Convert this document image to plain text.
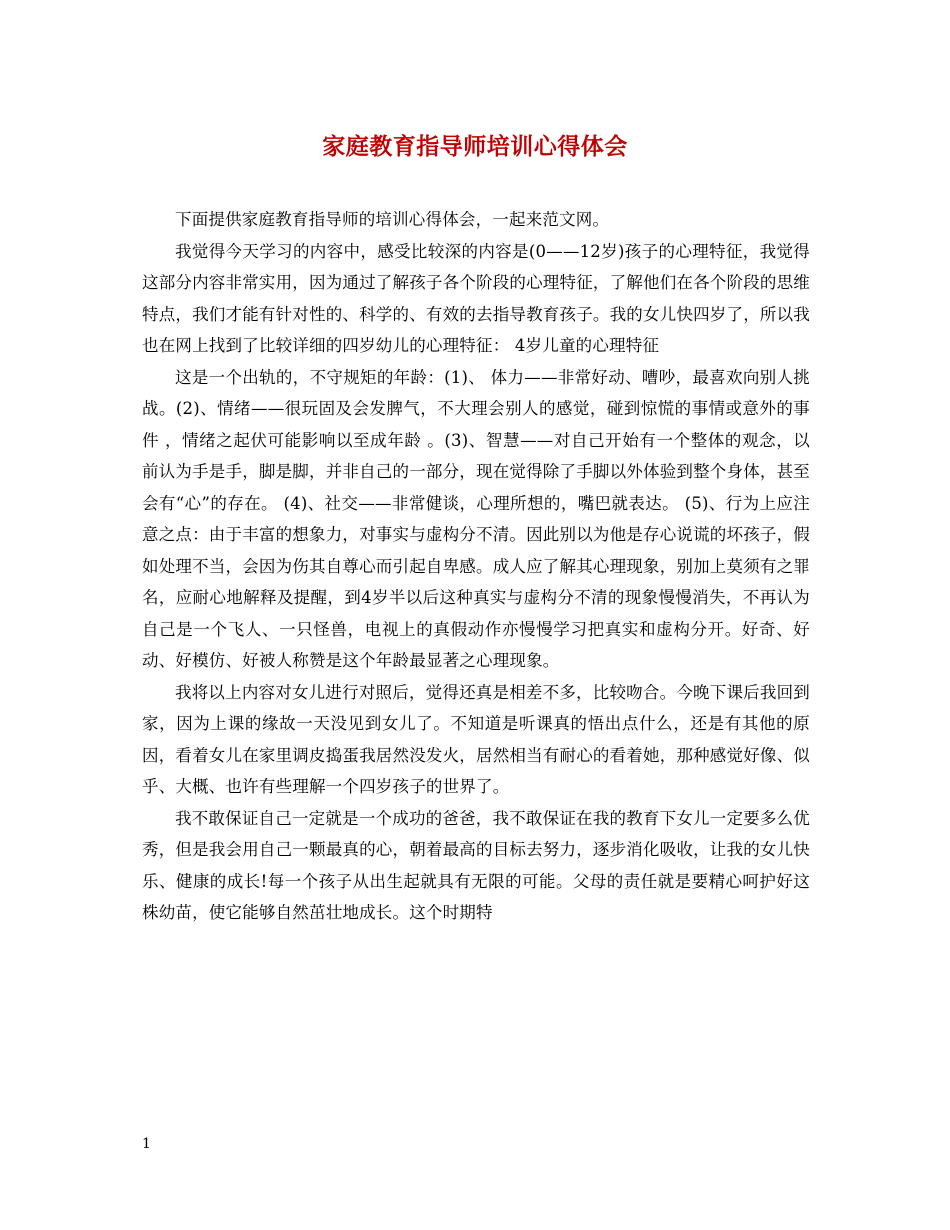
家庭教育指导师培训心得体会

下面提供家庭教育指导师的培训心得体会，一起来范文网。

我觉得今天学习的内容中，感受比较深的内容是(0——12岁)孩子的心理特征，我觉得这部分内容非常实用，因为通过了解孩子各个阶段的心理特征，了解他们在各个阶段的思维特点，我们才能有针对性的、科学的、有效的去指导教育孩子。我的女儿快四岁了，所以我也在网上找到了比较详细的四岁幼儿的心理特征： 4岁儿童的心理特征

这是一个出轨的，不守规矩的年龄：(1)、 体力——非常好动、嘈吵，最喜欢向别人挑战。(2)、情绪——很玩固及会发脾气，不大理会别人的感觉，碰到惊慌的事情或意外的事件 ，情绪之起伏可能影响以至成年龄 。(3)、智慧——对自己开始有一个整体的观念，以前认为手是手，脚是脚，并非自己的一部分，现在觉得除了手脚以外体验到整个身体，甚至会有“心”的存在。 (4)、社交——非常健谈，心理所想的，嘴巴就表达。 (5)、行为上应注意之点：由于丰富的想象力，对事实与虚构分不清。因此别以为他是存心说谎的坏孩子，假如处理不当，会因为伤其自尊心而引起自卑感。成人应了解其心理现象，别加上莫须有之罪名，应耐心地解释及提醒，到4岁半以后这种真实与虚构分不清的现象慢慢消失，不再认为自己是一个飞人、一只怪兽，电视上的真假动作亦慢慢学习把真实和虚构分开。好奇、好动、好模仿、好被人称赞是这个年龄最显著之心理现象。

我将以上内容对女儿进行对照后，觉得还真是相差不多，比较吻合。今晚下课后我回到家，因为上课的缘故一天没见到女儿了。不知道是听课真的悟出点什么，还是有其他的原因，看着女儿在家里调皮捣蛋我居然没发火，居然相当有耐心的看着她，那种感觉好像、似乎、大概、也许有些理解一个四岁孩子的世界了。

我不敢保证自己一定就是一个成功的爸爸，我不敢保证在我的教育下女儿一定要多么优秀，但是我会用自己一颗最真的心，朝着最高的目标去努力，逐步消化吸收，让我的女儿快乐、健康的成长!每一个孩子从出生起就具有无限的可能。父母的责任就是要精心呵护好这株幼苗，使它能够自然茁壮地成长。这个时期特

1
